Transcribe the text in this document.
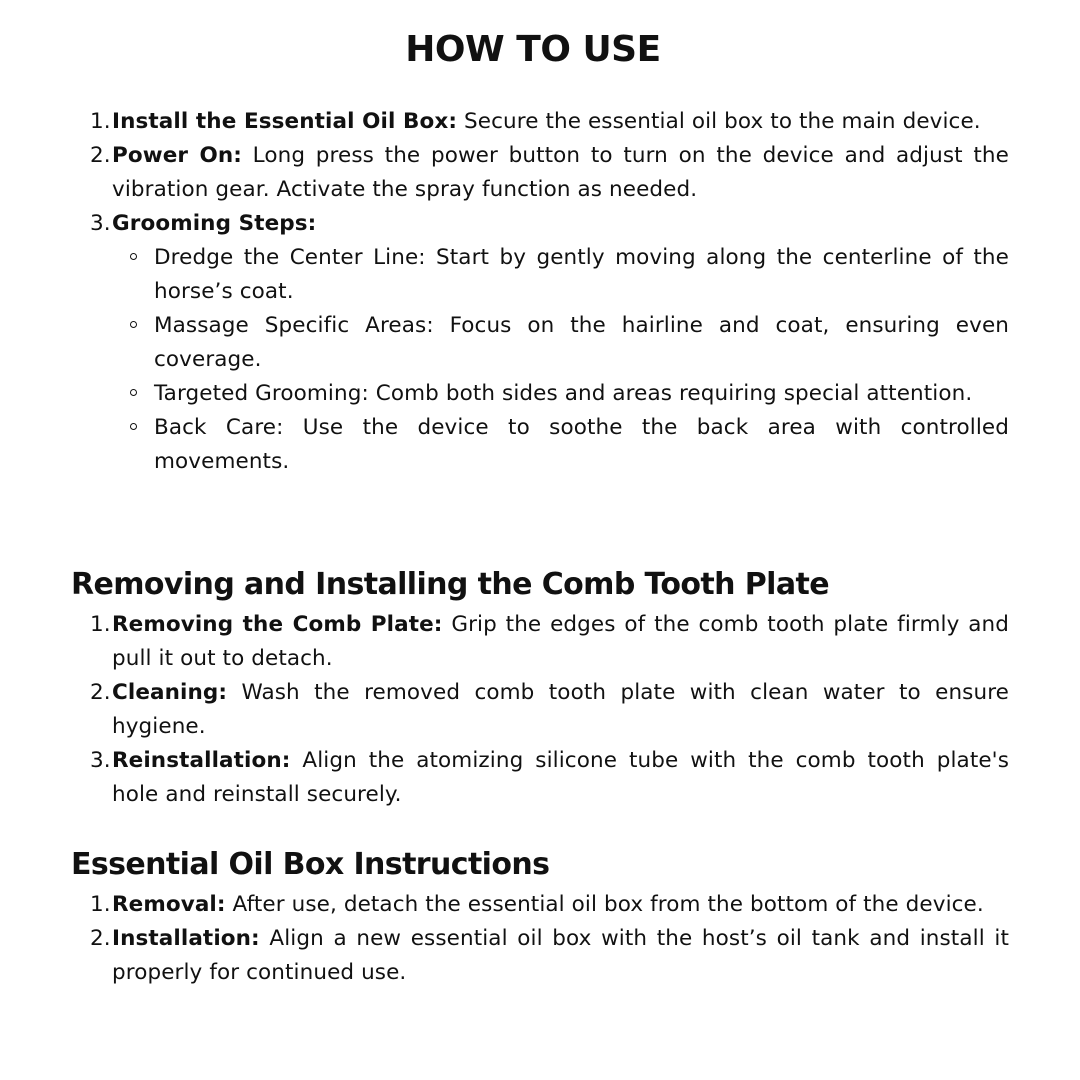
HOW TO USE
1. Install the Essential Oil Box: Secure the essential oil box to the main device.
2. Power On: Long press the power button to turn on the device and adjust the vibration gear. Activate the spray function as needed.
3. Grooming Steps:
Dredge the Center Line: Start by gently moving along the centerline of the horse’s coat.
Massage Specific Areas: Focus on the hairline and coat, ensuring even coverage.
Targeted Grooming: Comb both sides and areas requiring special attention.
Back Care: Use the device to soothe the back area with controlled movements.
Removing and Installing the Comb Tooth Plate
1. Removing the Comb Plate: Grip the edges of the comb tooth plate firmly and pull it out to detach.
2. Cleaning: Wash the removed comb tooth plate with clean water to ensure hygiene.
3. Reinstallation: Align the atomizing silicone tube with the comb tooth plate's hole and reinstall securely.
Essential Oil Box Instructions
1. Removal: After use, detach the essential oil box from the bottom of the device.
2. Installation: Align a new essential oil box with the host’s oil tank and install it properly for continued use.
